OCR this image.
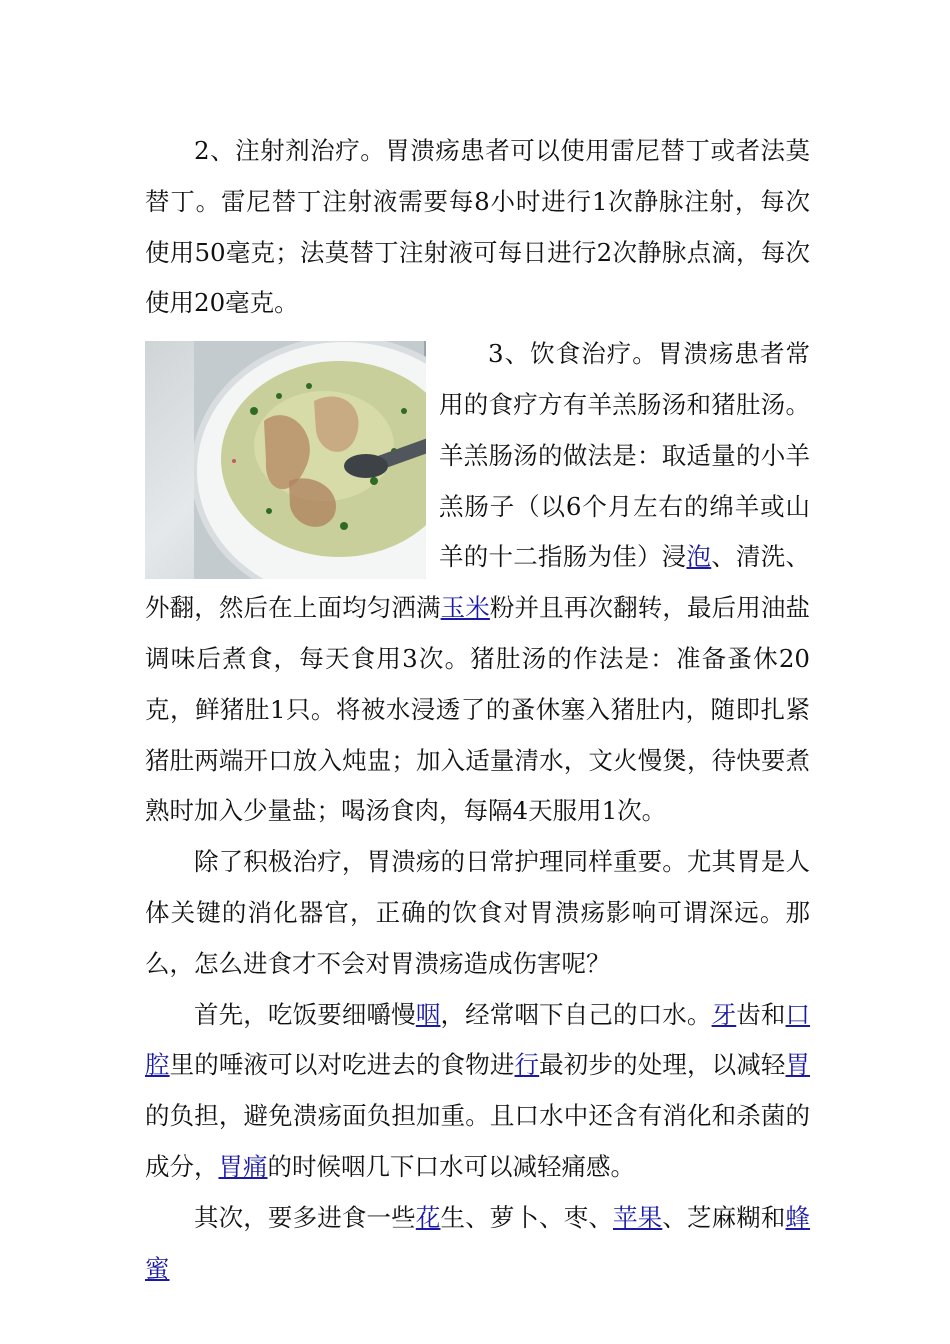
2、注射剂治疗。胃溃疡患者可以使用雷尼替丁或者法莫替丁。雷尼替丁注射液需要每8小时进行1次静脉注射，每次使用50毫克；法莫替丁注射液可每日进行2次静脉点滴，每次使用20毫克。

3、饮食治疗。胃溃疡患者常用的食疗方有羊羔肠汤和猪肚汤。羊羔肠汤的做法是：取适量的小羊羔肠子（以6个月左右的绵羊或山羊的十二指肠为佳）浸泡、清洗、外翻，然后在上面均匀洒满玉米粉并且再次翻转，最后用油盐调味后煮食，每天食用3次。猪肚汤的作法是：准备蚤休20克，鲜猪肚1只。将被水浸透了的蚤休塞入猪肚内，随即扎紧猪肚两端开口放入炖盅；加入适量清水，文火慢煲，待快要煮熟时加入少量盐；喝汤食肉，每隔4天服用1次。

除了积极治疗，胃溃疡的日常护理同样重要。尤其胃是人体关键的消化器官，正确的饮食对胃溃疡影响可谓深远。那么，怎么进食才不会对胃溃疡造成伤害呢？

首先，吃饭要细嚼慢咽，经常咽下自己的口水。牙齿和口腔里的唾液可以对吃进去的食物进行最初步的处理，以减轻胃的负担，避免溃疡面负担加重。且口水中还含有消化和杀菌的成分，胃痛的时候咽几下口水可以减轻痛感。

其次，要多进食一些花生、萝卜、枣、苹果、芝麻糊和蜂蜜
